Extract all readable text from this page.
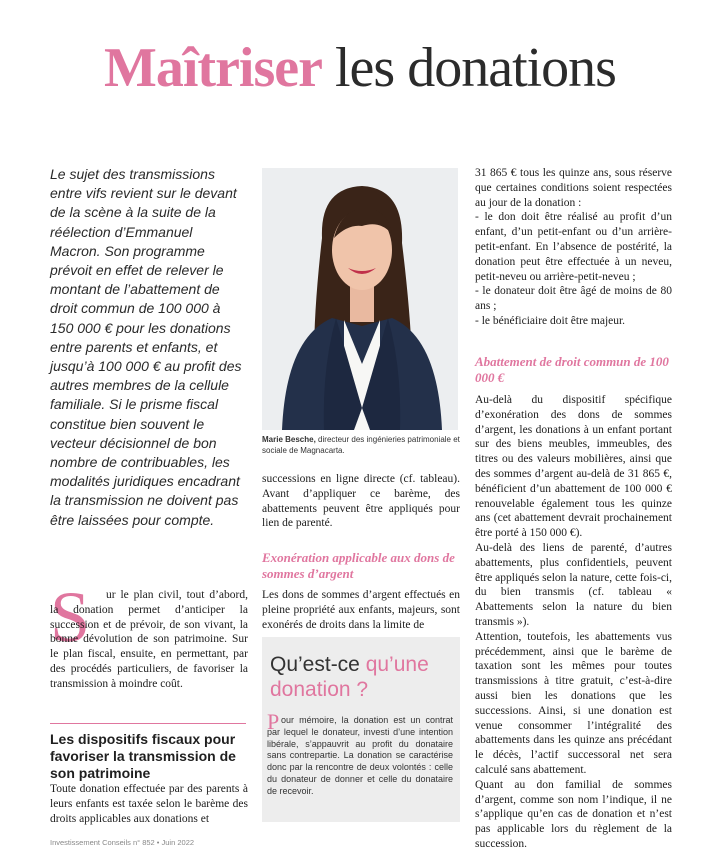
Maîtriser les donations
Le sujet des transmissions entre vifs revient sur le devant de la scène à la suite de la réélection d’Emmanuel Macron. Son programme prévoit en effet de relever le montant de l’abattement de droit commun de 100 000 à 150 000 € pour les donations entre parents et enfants, et jusqu’à 100 000 € au profit des autres membres de la cellule familiale. Si le prisme fiscal constitue bien souvent le vecteur décisionnel de bon nombre de contribuables, les modalités juridiques encadrant la transmission ne doivent pas être laissées pour compte.
Marie Besche, directeur des ingénieries patrimoniale et sociale de Magnacarta.
S	ur le plan civil, tout d’abord, la donation permet d’anticiper la succession et de prévoir, de son vivant, la bonne dévolution de son patrimoine. Sur le plan fiscal, ensuite, en permettant, par des procédés particuliers, de favoriser la transmission à moindre coût.
Les dispositifs fiscaux pour favoriser la transmission de son patrimoine
Toute donation effectuée par des parents à leurs enfants est taxée selon le barème des droits applicables aux donations et
Investissement Conseils n° 852 • Juin 2022
successions en ligne directe (cf. tableau). Avant d’appliquer ce barème, des abattements peuvent être appliqués pour lien de parenté.
Exonération applicable aux dons de sommes d’argent
Les dons de sommes d’argent effectués en pleine propriété aux enfants, majeurs, sont exonérés de droits dans la limite de
Qu’est-ce qu’une donation ?
P our mémoire, la donation est un contrat par lequel le donateur, investi d’une intention libérale, s’appauvrit au profit du donataire sans contrepartie. La donation se caractérise donc par la rencontre de deux volontés : celle du donateur de donner et celle du donataire de recevoir.

31 865 € tous les quinze ans, sous réserve que certaines conditions soient respectées au jour de la donation :

- le don doit être réalisé au profit d’un enfant, d’un petit-enfant ou d’un arrière-petit-enfant. En l’absence de postérité, la donation peut être effectuée à un neveu, petit-neveu ou arrière-petit-neveu ;

- le donateur doit être âgé de moins de 80 ans ;

- le bénéficiaire doit être majeur.

Abattement de droit commun de 100 000 €

Au-delà du dispositif spécifique d’exonération des dons de sommes d’argent, les donations à un enfant portant sur des biens meubles, immeubles, des titres ou des valeurs mobilières, ainsi que des sommes d’argent au-delà de 31 865 €, bénéficient d’un abattement de 100 000 € renouvelable également tous les quinze ans (cet abattement devrait prochainement être porté à 150 000 €).

Au-delà des liens de parenté, d’autres abattements, plus confidentiels, peuvent être appliqués selon la nature, cette fois-ci, du bien transmis (cf. tableau « Abattements selon la nature du bien transmis »).

Attention, toutefois, les abattements vus précédemment, ainsi que le barème de taxation sont les mêmes pour toutes transmissions à titre gratuit, c’est-à-dire aussi bien les donations que les successions. Ainsi, si une donation est venue consommer l’intégralité des abattements dans les quinze ans précédant le décès, l’actif successoral net sera calculé sans abattement.

Quant au don familial de sommes d’argent, comme son nom l’indique, il ne s’applique qu’en cas de donation et n’est pas applicable lors du règlement de la succession.
